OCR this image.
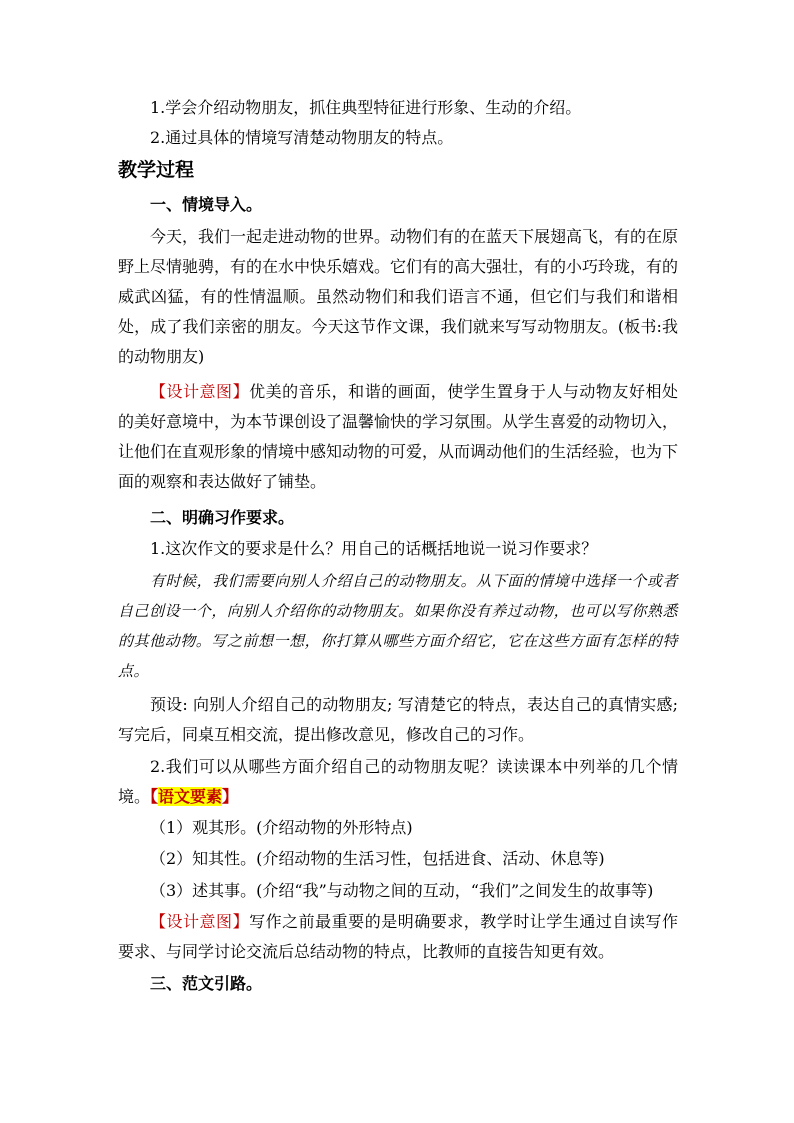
1.学会介绍动物朋友，抓住典型特征进行形象、生动的介绍。
2.通过具体的情境写清楚动物朋友的特点。
教学过程
一、情境导入。
今天，我们一起走进动物的世界。动物们有的在蓝天下展翅高飞，有的在原野上尽情驰骋，有的在水中快乐嬉戏。它们有的高大强壮，有的小巧玲珑，有的威武凶猛，有的性情温顺。虽然动物们和我们语言不通，但它们与我们和谐相处，成了我们亲密的朋友。今天这节作文课，我们就来写写动物朋友。(板书:我的动物朋友)
【设计意图】优美的音乐，和谐的画面，使学生置身于人与动物友好相处的美好意境中，为本节课创设了温馨愉快的学习氛围。从学生喜爱的动物切入，让他们在直观形象的情境中感知动物的可爱，从而调动他们的生活经验，也为下面的观察和表达做好了铺垫。
二、明确习作要求。
1.这次作文的要求是什么？用自己的话概括地说一说习作要求？
有时候，我们需要向别人介绍自己的动物朋友。从下面的情境中选择一个或者自己创设一个，向别人介绍你的动物朋友。如果你没有养过动物，也可以写你熟悉的其他动物。写之前想一想，你打算从哪些方面介绍它，它在这些方面有怎样的特点。
预设: 向别人介绍自己的动物朋友; 写清楚它的特点，表达自己的真情实感; 写完后，同桌互相交流，提出修改意见，修改自己的习作。
2.我们可以从哪些方面介绍自己的动物朋友呢？读读课本中列举的几个情境。【语文要素】
（1）观其形。(介绍动物的外形特点)
（2）知其性。(介绍动物的生活习性，包括进食、活动、休息等)
（3）述其事。(介绍“我”与动物之间的互动，“我们”之间发生的故事等)
【设计意图】写作之前最重要的是明确要求，教学时让学生通过自读写作要求、与同学讨论交流后总结动物的特点，比教师的直接告知更有效。
三、范文引路。
